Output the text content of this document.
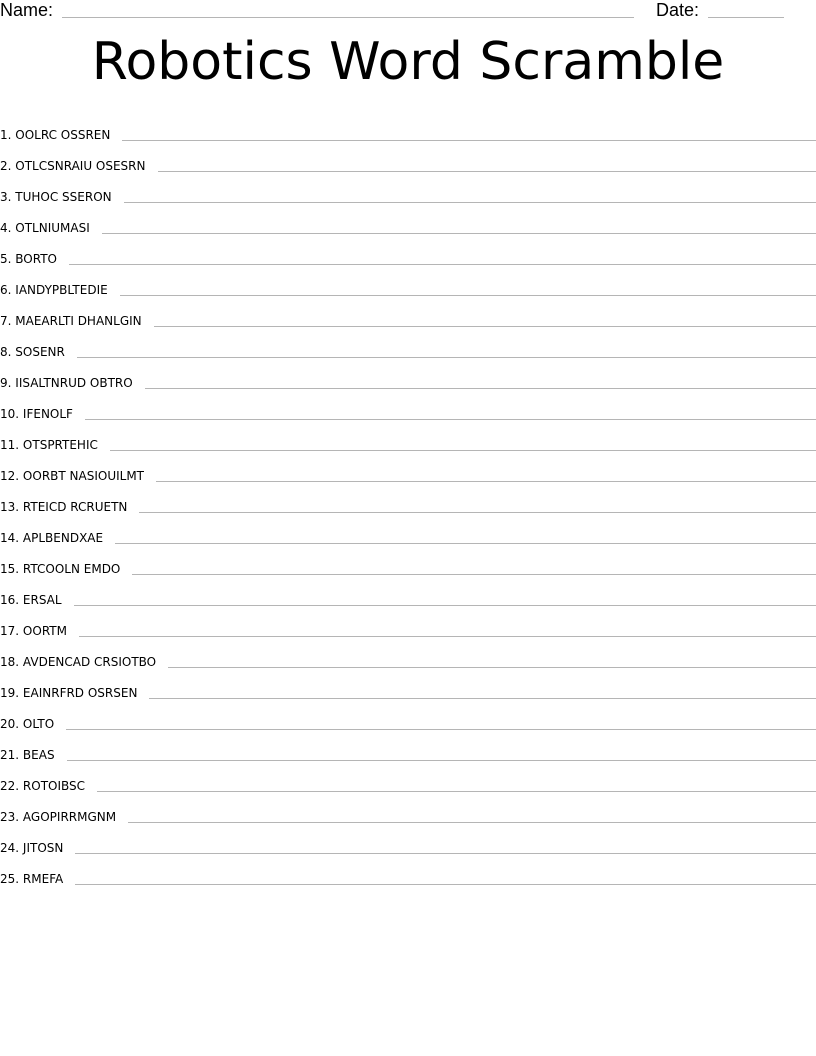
Name:	Date:
Robotics Word Scramble
1. OOLRC OSSREN
2. OTLCSNRAIU OSESRN
3. TUHOC SSERON
4. OTLNIUMASI
5. BORTO
6. IANDYPBLTEDIE
7. MAEARLTI DHANLGIN
8. SOSENR
9. IISALTNRUD OBTRO
10. IFENOLF
11. OTSPRTEHIC
12. OORBT NASIOUILMT
13. RTEICD RCRUETN
14. APLBENDXAE
15. RTCOOLN EMDO
16. ERSAL
17. OORTM
18. AVDENCAD CRSIOTBO
19. EAINRFRD OSRSEN
20. OLTO
21. BEAS
22. ROTOIBSC
23. AGOPIRRMGNM
24. JITOSN
25. RMEFA
